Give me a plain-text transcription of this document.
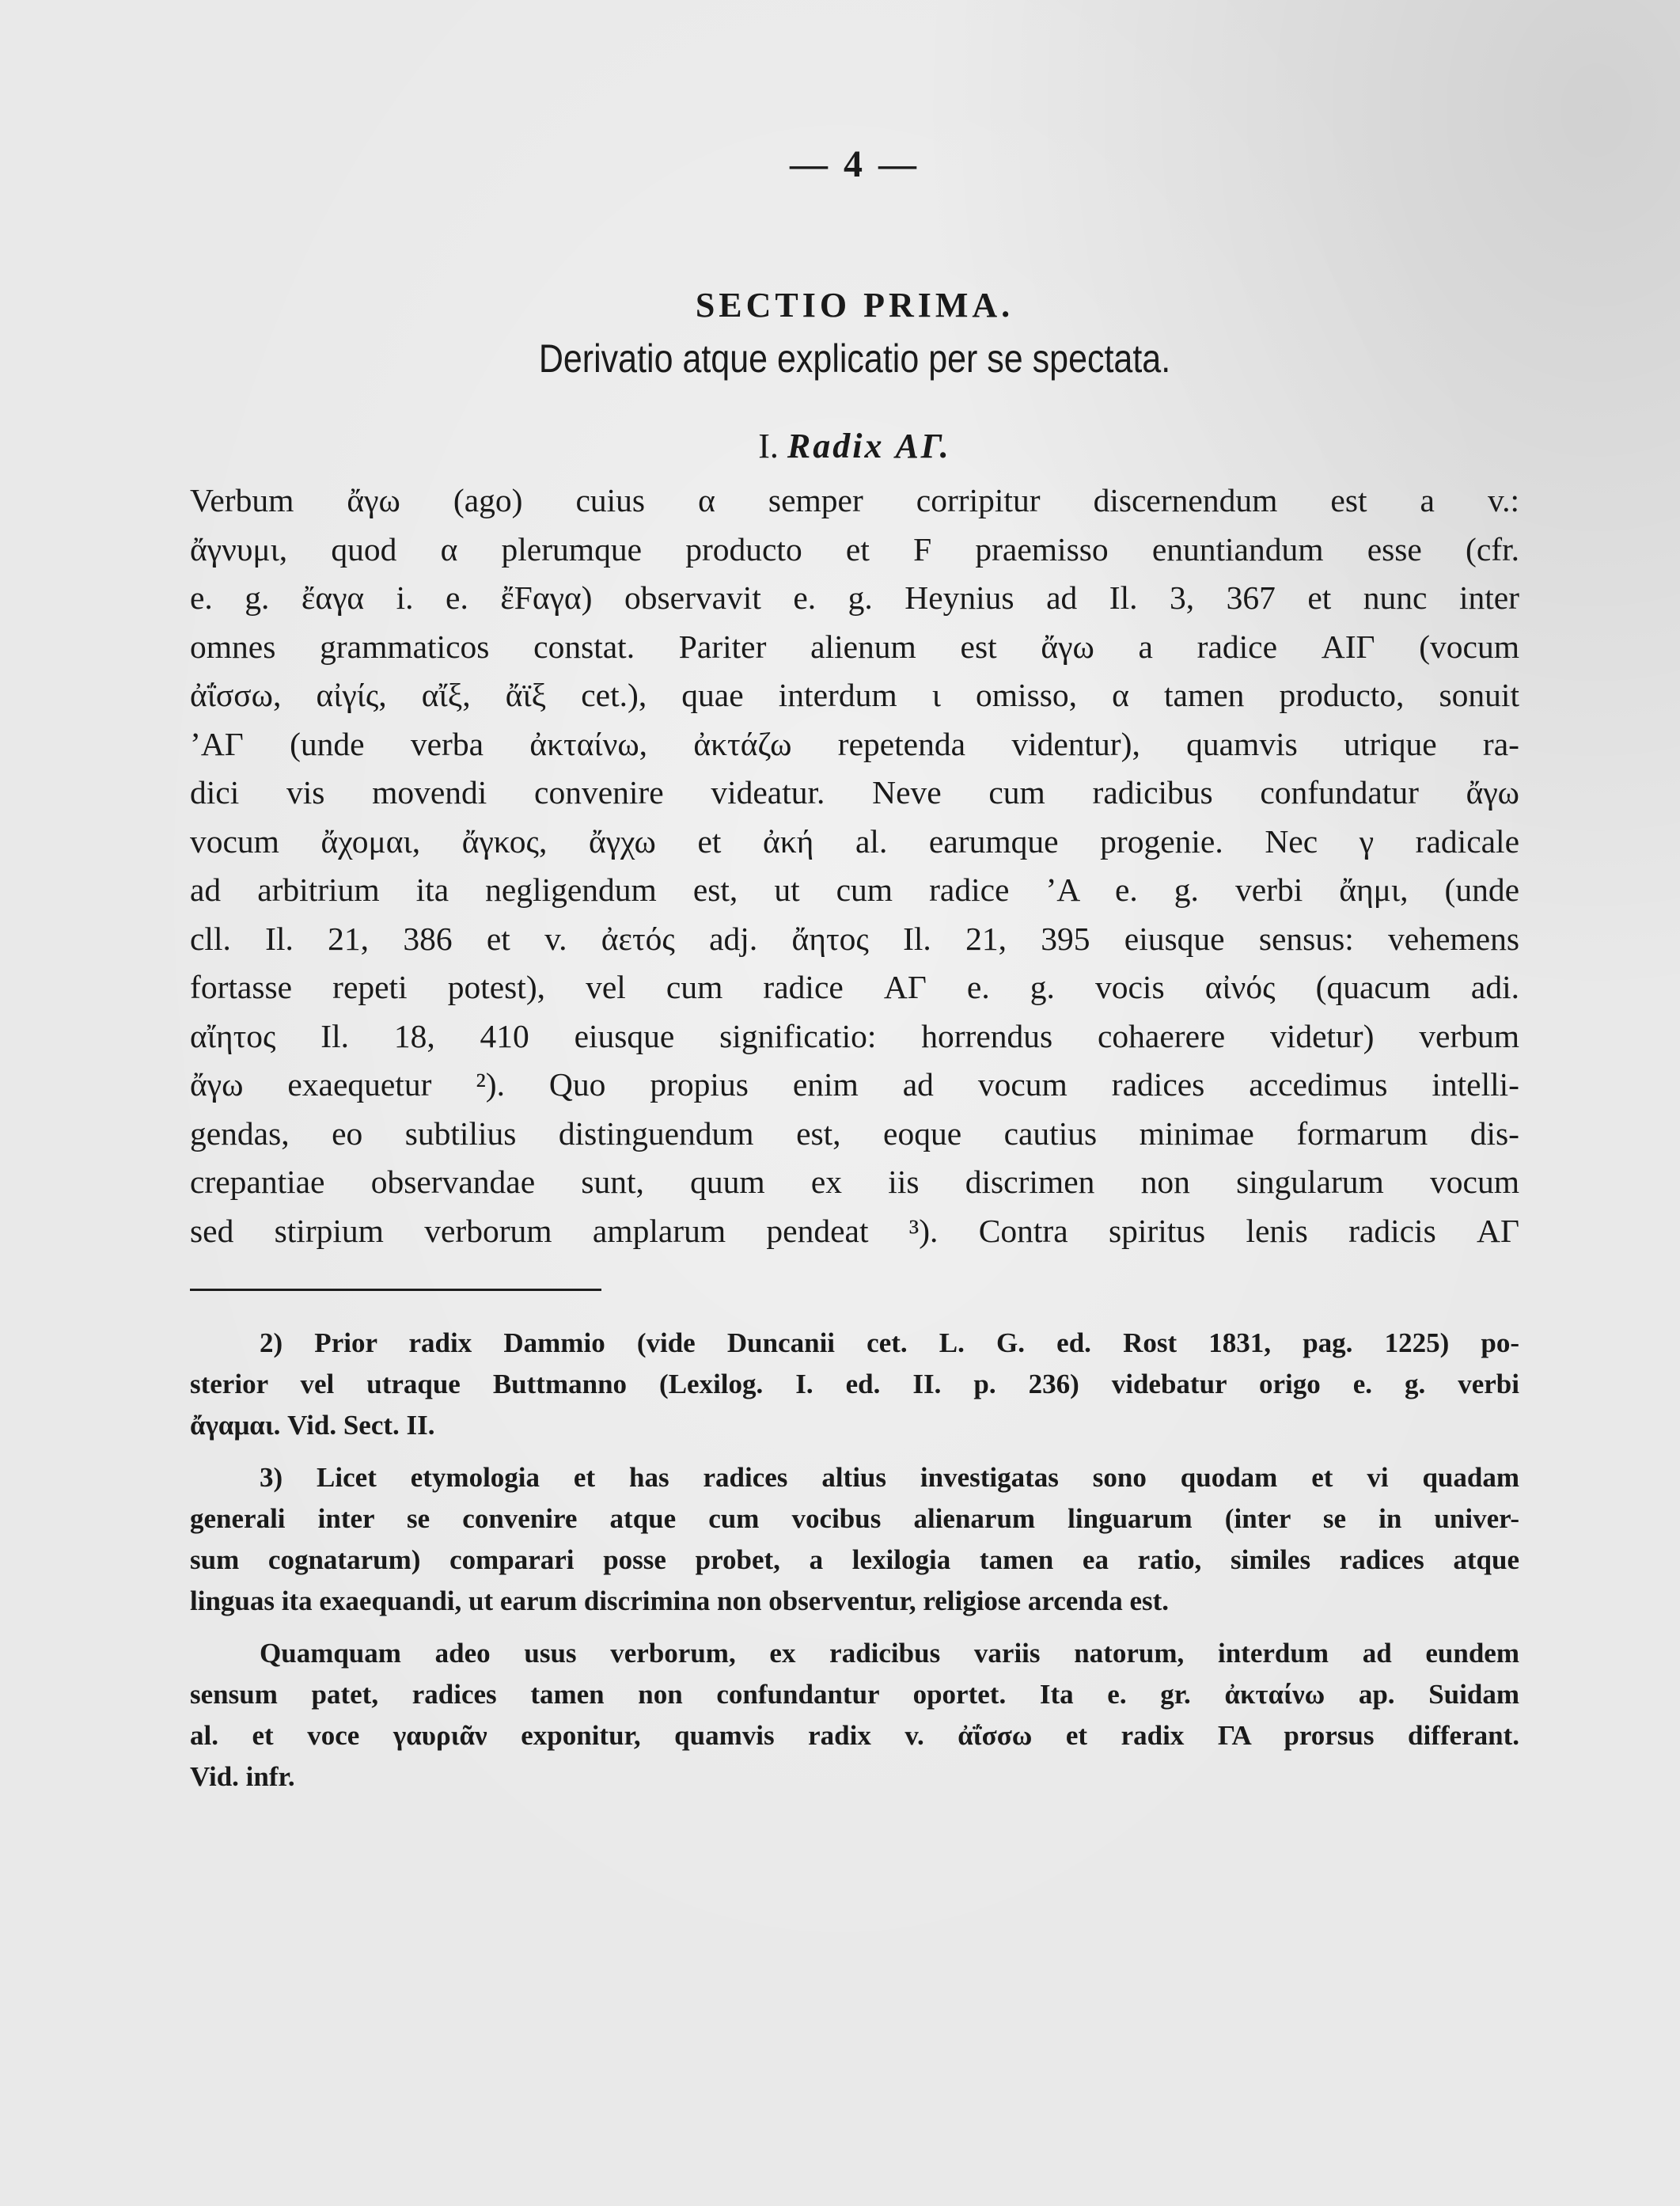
— 4 —
SECTIO PRIMA.
Derivatio atque explicatio per se spectata.
I. Radix ΑΓ.
Verbum ἄγω (ago) cuius α semper corripitur discernendum est a v.:
ἄγνυμι, quod α plerumque producto et F praemisso enuntiandum esse (cfr.
e. g. ἔαγα i. e. ἔFαγα) observavit e. g. Heynius ad Il. 3, 367 et nunc inter
omnes grammaticos constat. Pariter alienum est ἄγω a radice ΑΙΓ (vocum
ἀΐσσω, αἰγίς, αἴξ, ἄϊξ cet.), quae interdum ι omisso, α tamen producto, sonuit
ʼΑΓ (unde verba ἀκταίνω, ἀκτάζω repetenda videntur), quamvis utrique ra-
dici vis movendi convenire videatur. Neve cum radicibus confundatur ἄγω
vocum ἄχομαι, ἄγκος, ἄγχω et ἀκή al. earumque progenie. Nec γ radicale
ad arbitrium ita negligendum est, ut cum radice ʼΑ e. g. verbi ἄημι, (unde
cll. Il. 21, 386 et v. ἀετός adj. ἄητος Il. 21, 395 eiusque sensus: vehemens
fortasse repeti potest), vel cum radice ΑΓ e. g. vocis αἰνός (quacum adi.
αἴητος Il. 18, 410 eiusque significatio: horrendus cohaerere videtur) verbum
ἄγω exaequetur ²). Quo propius enim ad vocum radices accedimus intelli-
gendas, eo subtilius distinguendum est, eoque cautius minimae formarum dis-
crepantiae observandae sunt, quum ex iis discrimen non singularum vocum
sed stirpium verborum amplarum pendeat ³). Contra spiritus lenis radicis ΑΓ
2) Prior radix Dammio (vide Duncanii cet. L. G. ed. Rost 1831, pag. 1225) po-
sterior vel utraque Buttmanno (Lexilog. I. ed. II. p. 236) videbatur origo e. g. verbi
ἄγαμαι. Vid. Sect. II.
3) Licet etymologia et has radices altius investigatas sono quodam et vi quadam
generali inter se convenire atque cum vocibus alienarum linguarum (inter se in univer-
sum cognatarum) comparari posse probet, a lexilogia tamen ea ratio, similes radices atque
linguas ita exaequandi, ut earum discrimina non observentur, religiose arcenda est.
Quamquam adeo usus verborum, ex radicibus variis natorum, interdum ad eundem
sensum patet, radices tamen non confundantur oportet. Ita e. gr. ἀκταίνω ap. Suidam
al. et voce γαυριᾶν exponitur, quamvis radix v. ἀΐσσω et radix ΓΑ prorsus differant.
Vid. infr.
